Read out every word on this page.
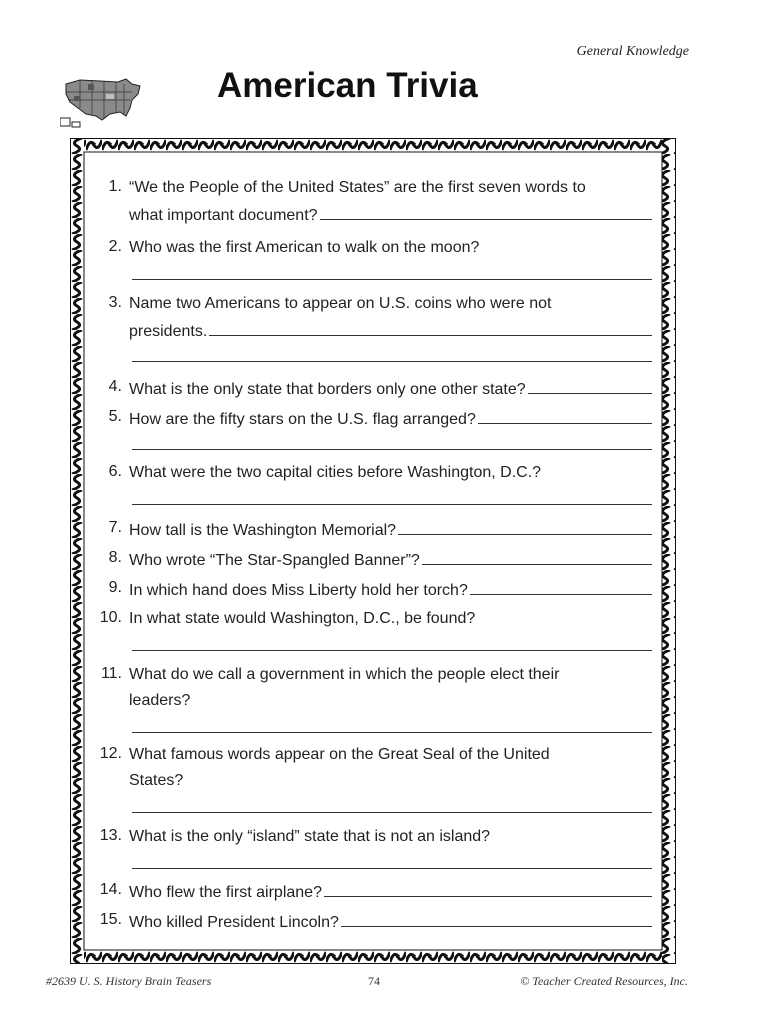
General Knowledge
American Trivia
1. “We the People of the United States” are the first seven words to
what important document?
2. Who was the first American to walk on the moon?
3. Name two Americans to appear on U.S. coins who were not
presidents.
4. What is the only state that borders only one other state?
5. How are the fifty stars on the U.S. flag arranged?
6. What were the two capital cities before Washington, D.C.?
7. How tall is the Washington Memorial?
8. Who wrote “The Star-Spangled Banner”?
9. In which hand does Miss Liberty hold her torch?
10. In what state would Washington, D.C., be found?
11. What do we call a government in which the people elect their
leaders?
12. What famous words appear on the Great Seal of the United
States?
13. What is the only “island” state that is not an island?
14. Who flew the first airplane?
15. Who killed President Lincoln?
#2639 U. S. History Brain Teasers	74	© Teacher Created Resources, Inc.
